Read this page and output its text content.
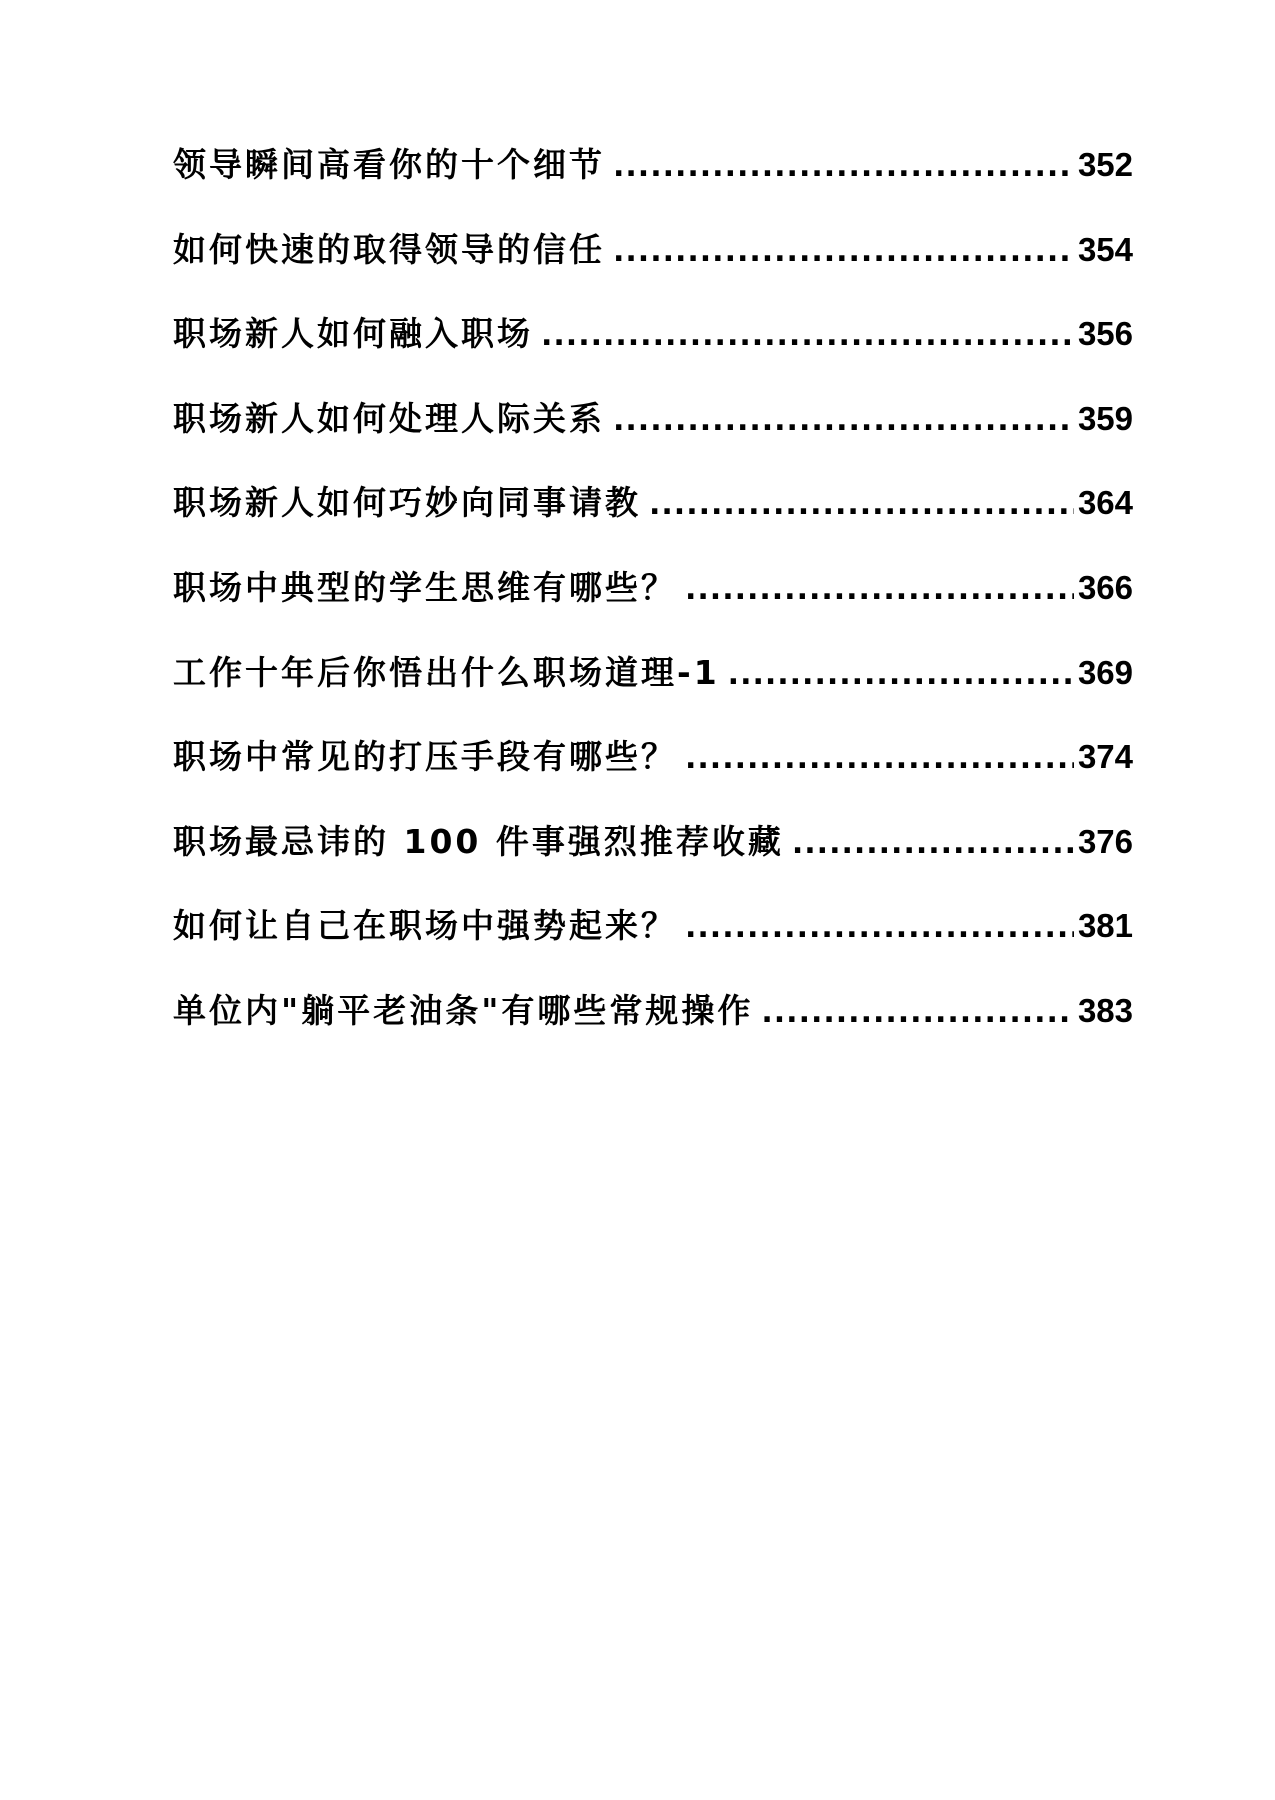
领导瞬间高看你的十个细节 .....	352
如何快速的取得领导的信任 .....	354
职场新人如何融入职场 .....	356
职场新人如何处理人际关系 .....	359
职场新人如何巧妙向同事请教 .....	364
职场中典型的学生思维有哪些？ .....	366
工作十年后你悟出什么职场道理-1 .....	369
职场中常见的打压手段有哪些？ .....	374
职场最忌讳的 100 件事强烈推荐收藏 .....	376
如何让自己在职场中强势起来？ .....	381
单位内"躺平老油条"有哪些常规操作 .....	383
